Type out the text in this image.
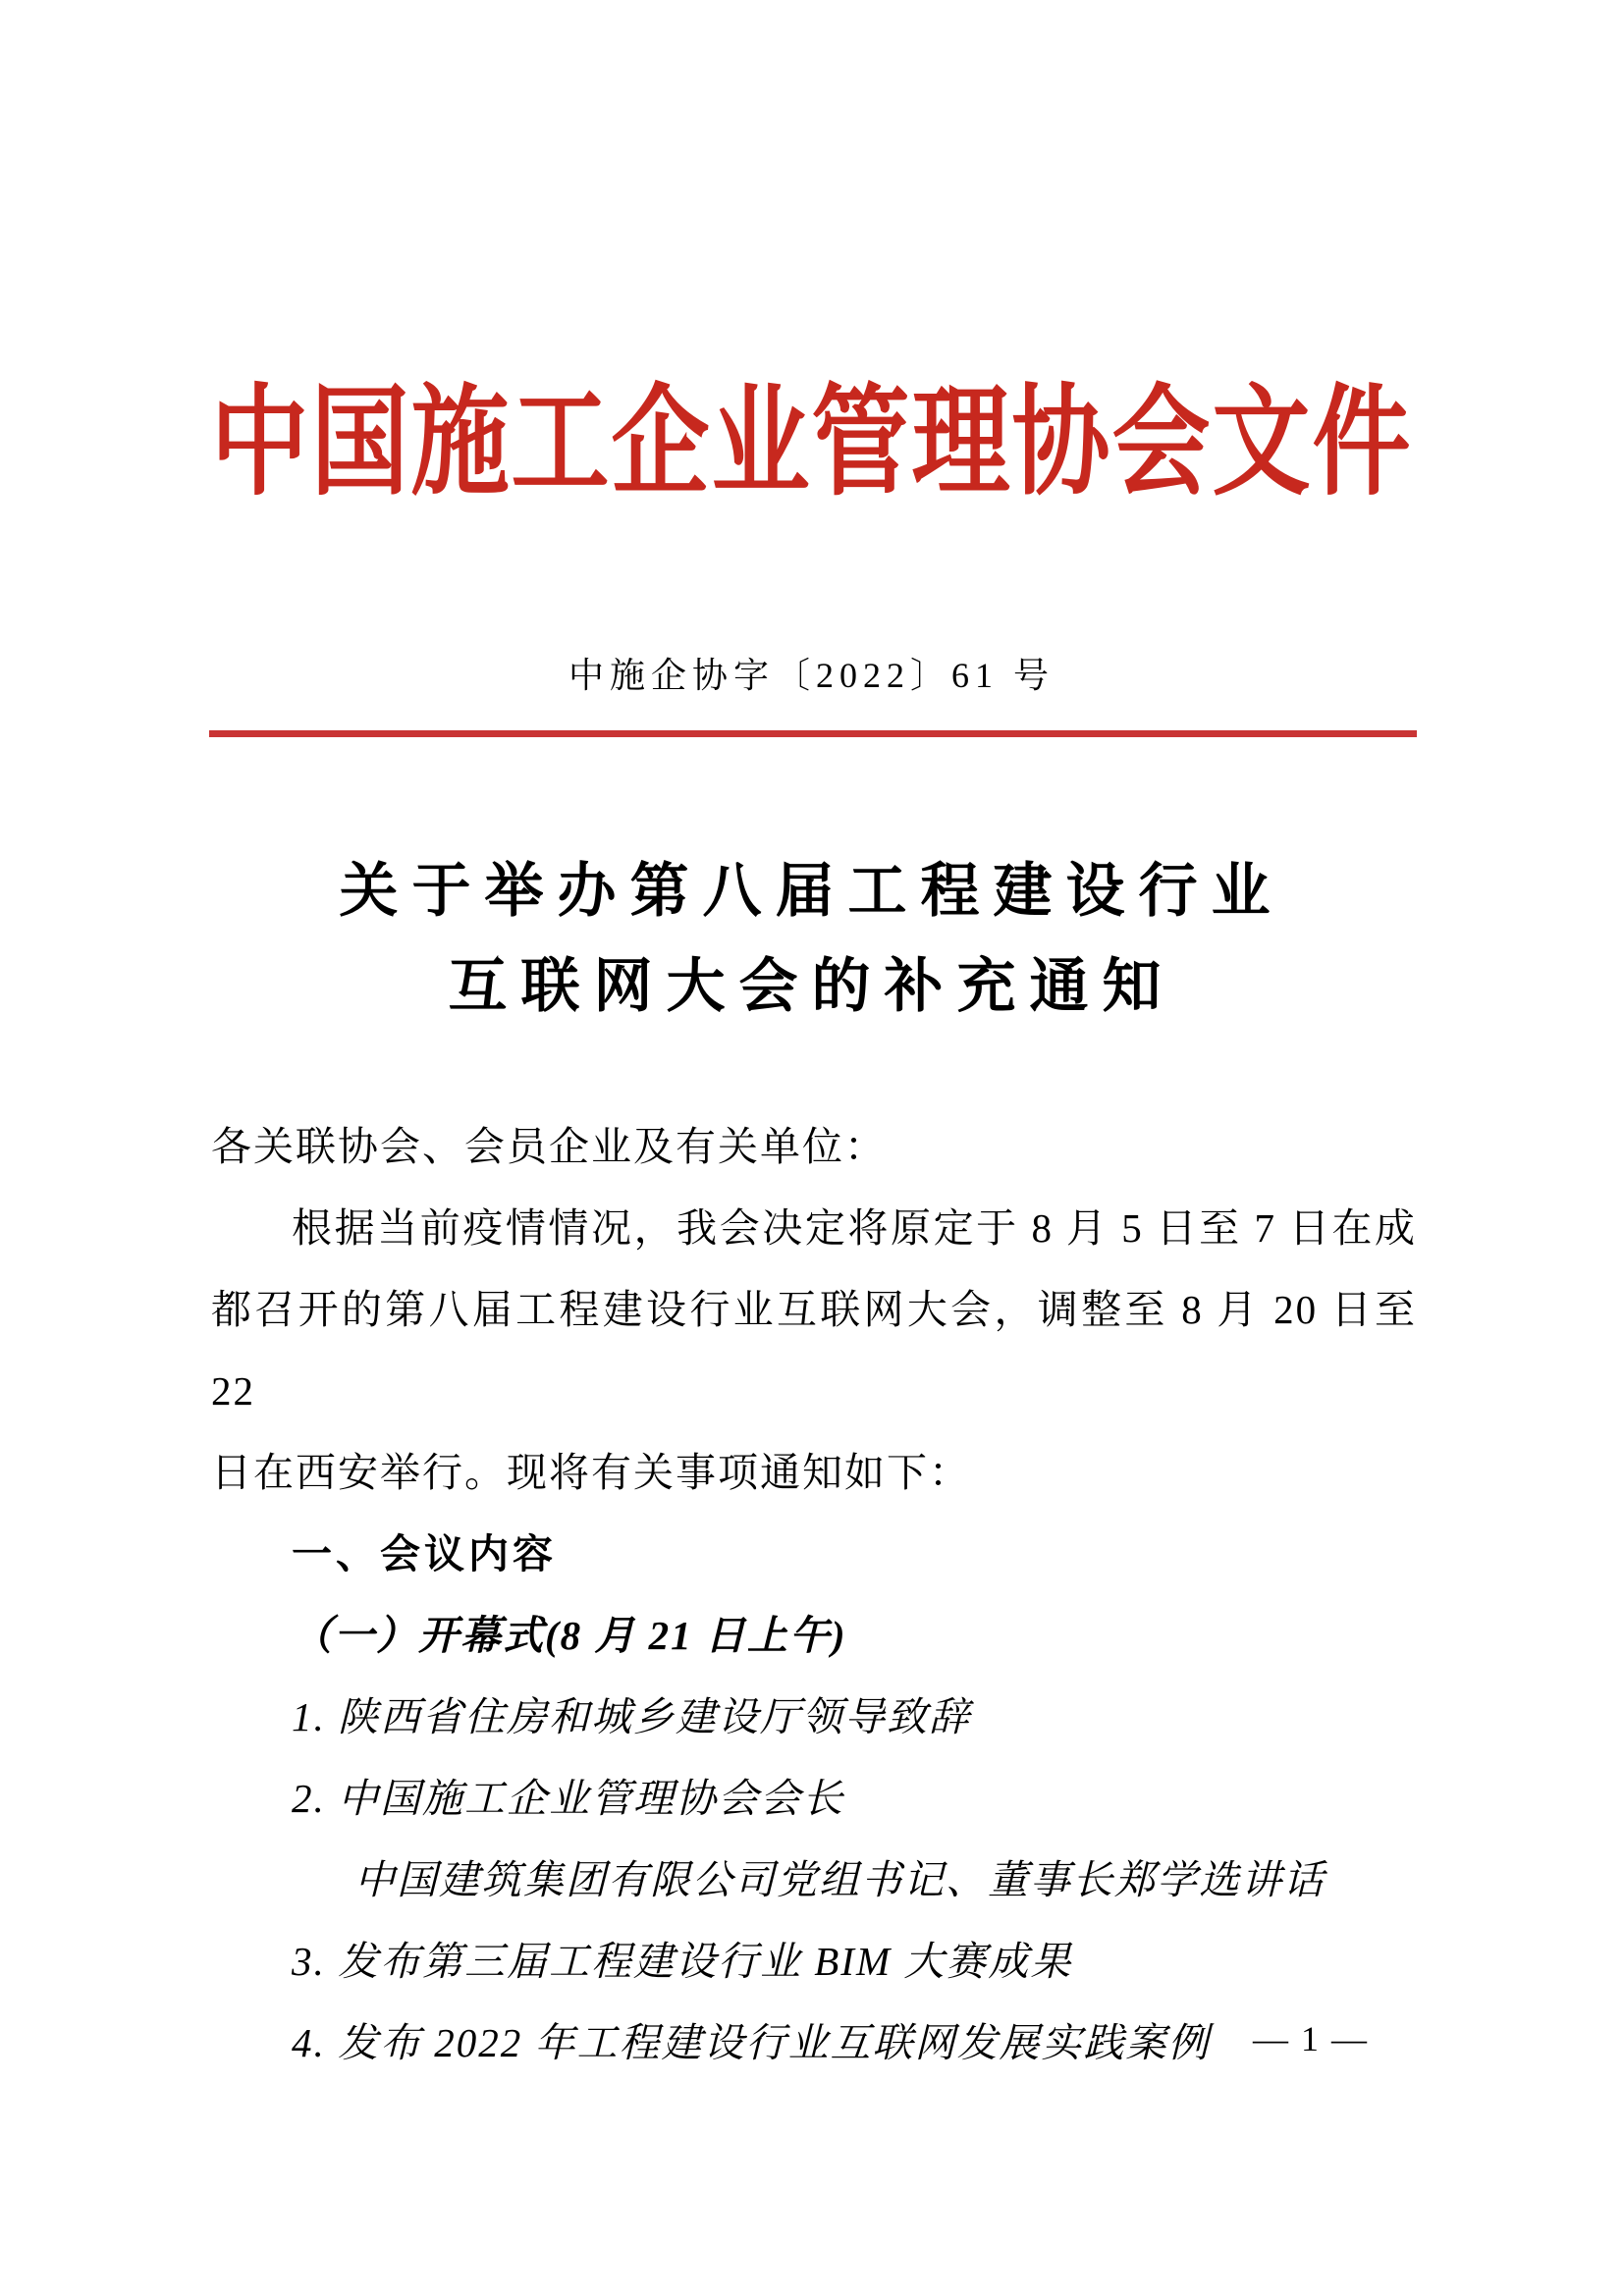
中国施工企业管理协会文件
中施企协字〔2022〕61 号
关于举办第八届工程建设行业
互联网大会的补充通知
各关联协会、会员企业及有关单位：
根据当前疫情情况，我会决定将原定于 8 月 5 日至 7 日在成
都召开的第八届工程建设行业互联网大会，调整至 8 月 20 日至 22
日在西安举行。现将有关事项通知如下：
一、会议内容
（一）开幕式(8 月 21 日上午)
1. 陕西省住房和城乡建设厅领导致辞
2. 中国施工企业管理协会会长
中国建筑集团有限公司党组书记、董事长郑学选讲话
3. 发布第三届工程建设行业 BIM 大赛成果
4. 发布 2022 年工程建设行业互联网发展实践案例	— 1 —
